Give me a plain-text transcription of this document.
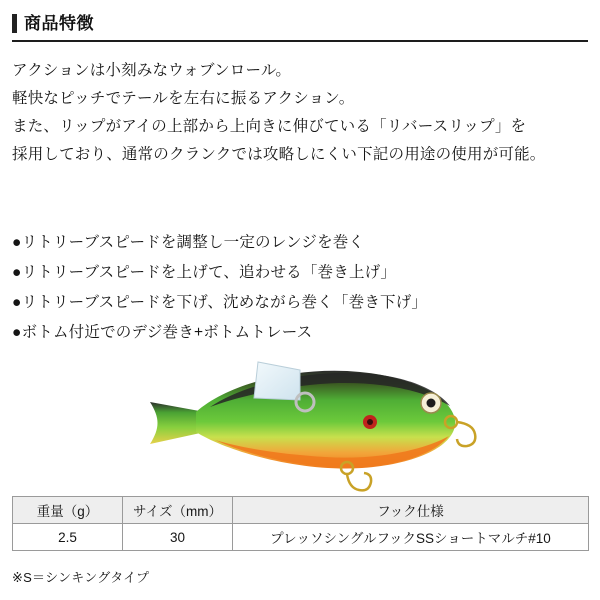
商品特徴
アクションは小刻みなウォブンロール。
軽快なピッチでテールを左右に振るアクション。
また、リップがアイの上部から上向きに伸びている「リバースリップ」を
採用しており、通常のクランクでは攻略しにくい下記の用途の使用が可能。
●リトリーブスピードを調整し一定のレンジを巻く
●リトリーブスピードを上げて、追わせる「巻き上げ」
●リトリーブスピードを下げ、沈めながら巻く「巻き下げ」
●ボトム付近でのデジ巻き+ボトムトレース
重量（g）	サイズ（mm）	フック仕様
2.5	30	プレッソシングルフックSSショートマルチ#10
※S＝シンキングタイプ
